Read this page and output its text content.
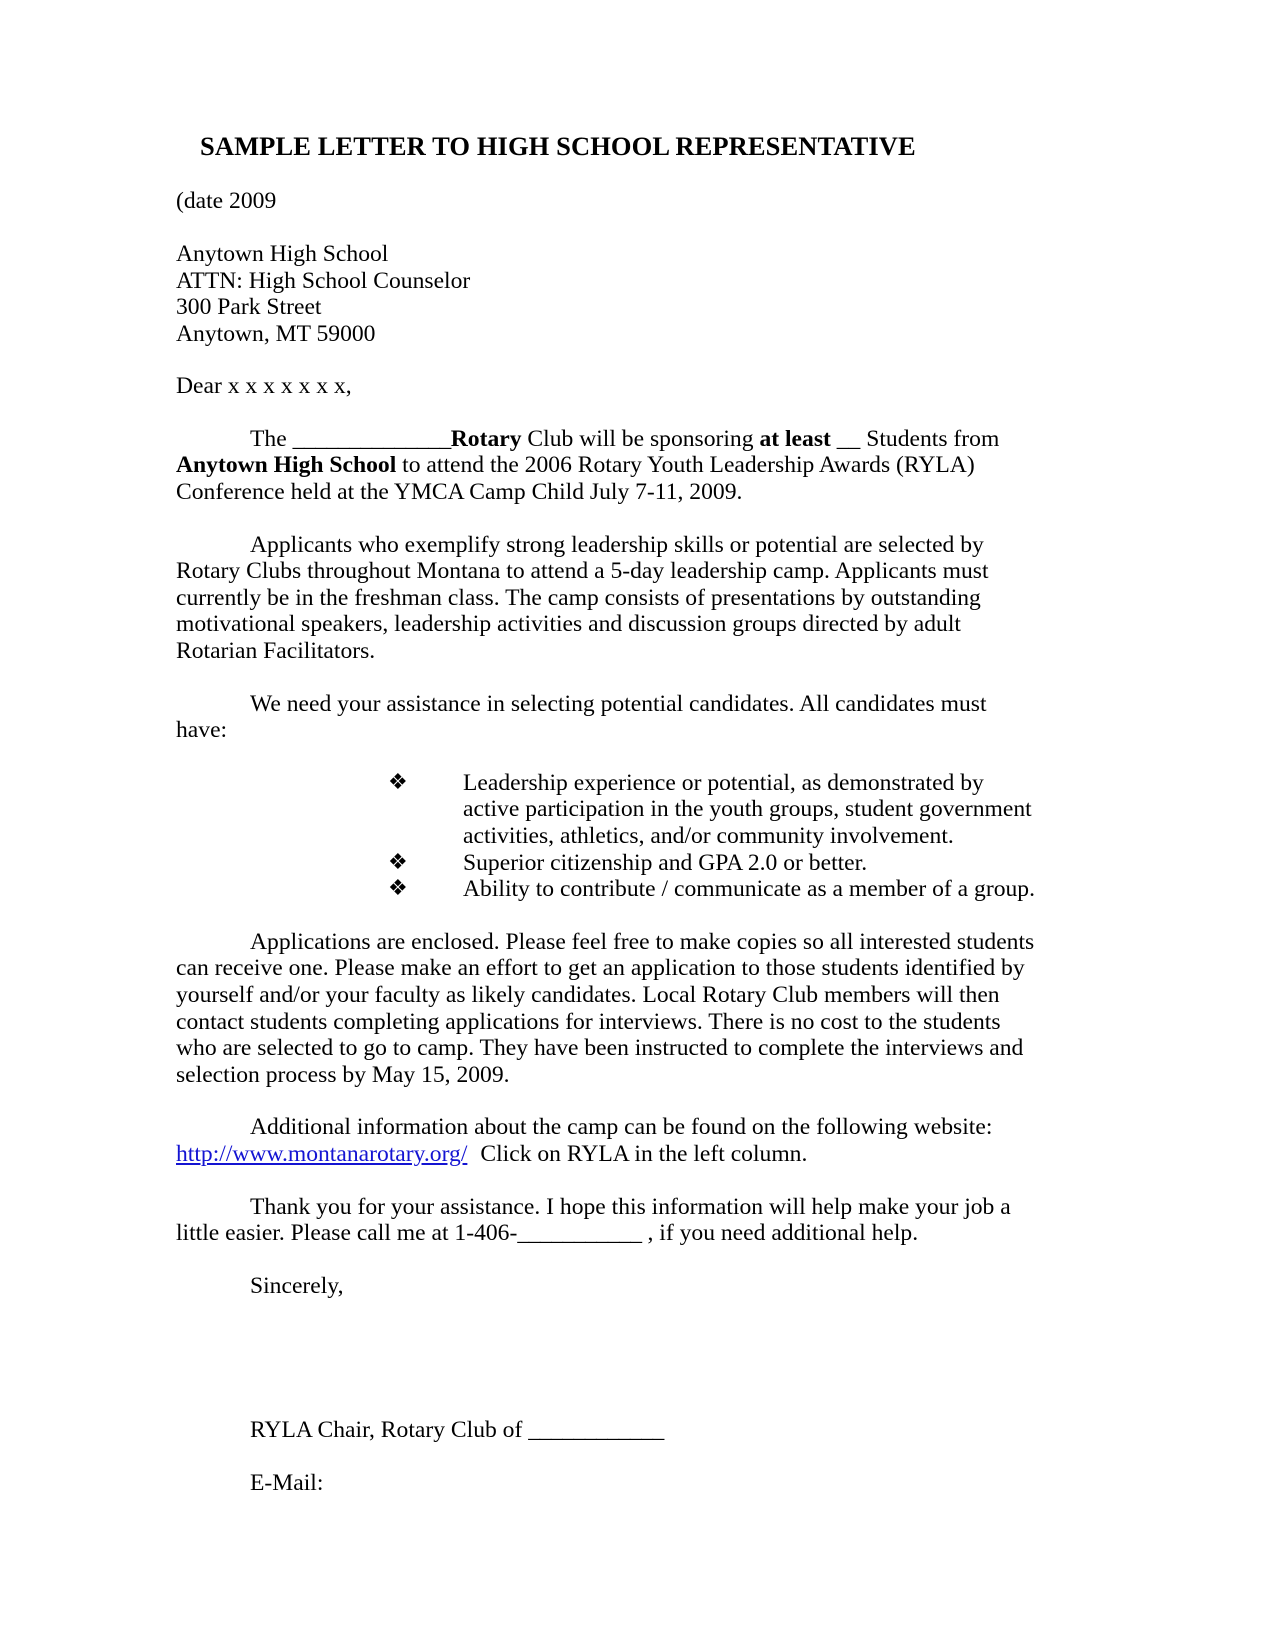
SAMPLE LETTER TO HIGH SCHOOL REPRESENTATIVE

(date 2009

Anytown High School
ATTN: High School Counselor
300 Park Street
Anytown, MT 59000

Dear x x x x x x x,

The ______________Rotary Club will be sponsoring at least __ Students from Anytown High School to attend the 2006 Rotary Youth Leadership Awards (RYLA) Conference held at the YMCA Camp Child July 7-11, 2009.

Applicants who exemplify strong leadership skills or potential are selected by Rotary Clubs throughout Montana to attend a 5-day leadership camp. Applicants must currently be in the freshman class. The camp consists of presentations by outstanding motivational speakers, leadership activities and discussion groups directed by adult Rotarian Facilitators.

We need your assistance in selecting potential candidates. All candidates must have:

❖	Leadership experience or potential, as demonstrated by active participation in the youth groups, student government activities, athletics, and/or community involvement.
❖	Superior citizenship and GPA 2.0 or better.
❖	Ability to contribute / communicate as a member of a group.

Applications are enclosed. Please feel free to make copies so all interested students can receive one. Please make an effort to get an application to those students identified by yourself and/or your faculty as likely candidates. Local Rotary Club members will then contact students completing applications for interviews. There is no cost to the students who are selected to go to camp. They have been instructed to complete the interviews and selection process by May 15, 2009.

Additional information about the camp can be found on the following website:
http://www.montanarotary.org/ Click on RYLA in the left column.

Thank you for your assistance. I hope this information will help make your job a little easier. Please call me at 1-406-___________ , if you need additional help.

Sincerely,

RYLA Chair, Rotary Club of ____________

E-Mail:
